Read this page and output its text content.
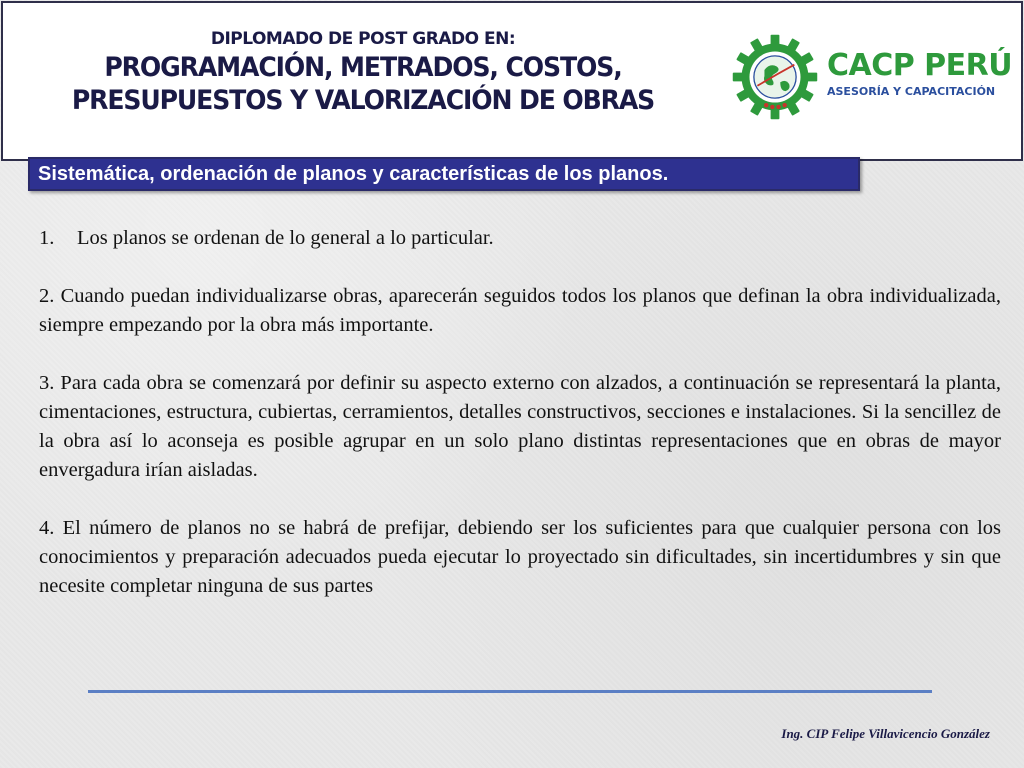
DIPLOMADO DE POST GRADO EN:
PROGRAMACIÓN, METRADOS, COSTOS,
PRESUPUESTOS Y VALORIZACIÓN DE OBRAS
CACP PERÚ
ASESORÍA Y CAPACITACIÓN
Sistemática, ordenación de planos y características de los planos.
1. Los planos se ordenan de lo general a lo particular.
2. Cuando puedan individualizarse obras, aparecerán seguidos todos los planos que definan la obra individualizada, siempre empezando por la obra más importante.
3. Para cada obra se comenzará por definir su aspecto externo con alzados, a continuación se representará la planta, cimentaciones, estructura, cubiertas, cerramientos, detalles constructivos, secciones e instalaciones. Si la sencillez de la obra así lo aconseja es posible agrupar en un solo plano distintas representaciones que en obras de mayor envergadura irían aisladas.
4. El número de planos no se habrá de prefijar, debiendo ser los suficientes para que cualquier persona con los conocimientos y preparación adecuados pueda ejecutar lo proyectado sin dificultades, sin incertidumbres y sin que necesite completar ninguna de sus partes
Ing. CIP Felipe Villavicencio González
